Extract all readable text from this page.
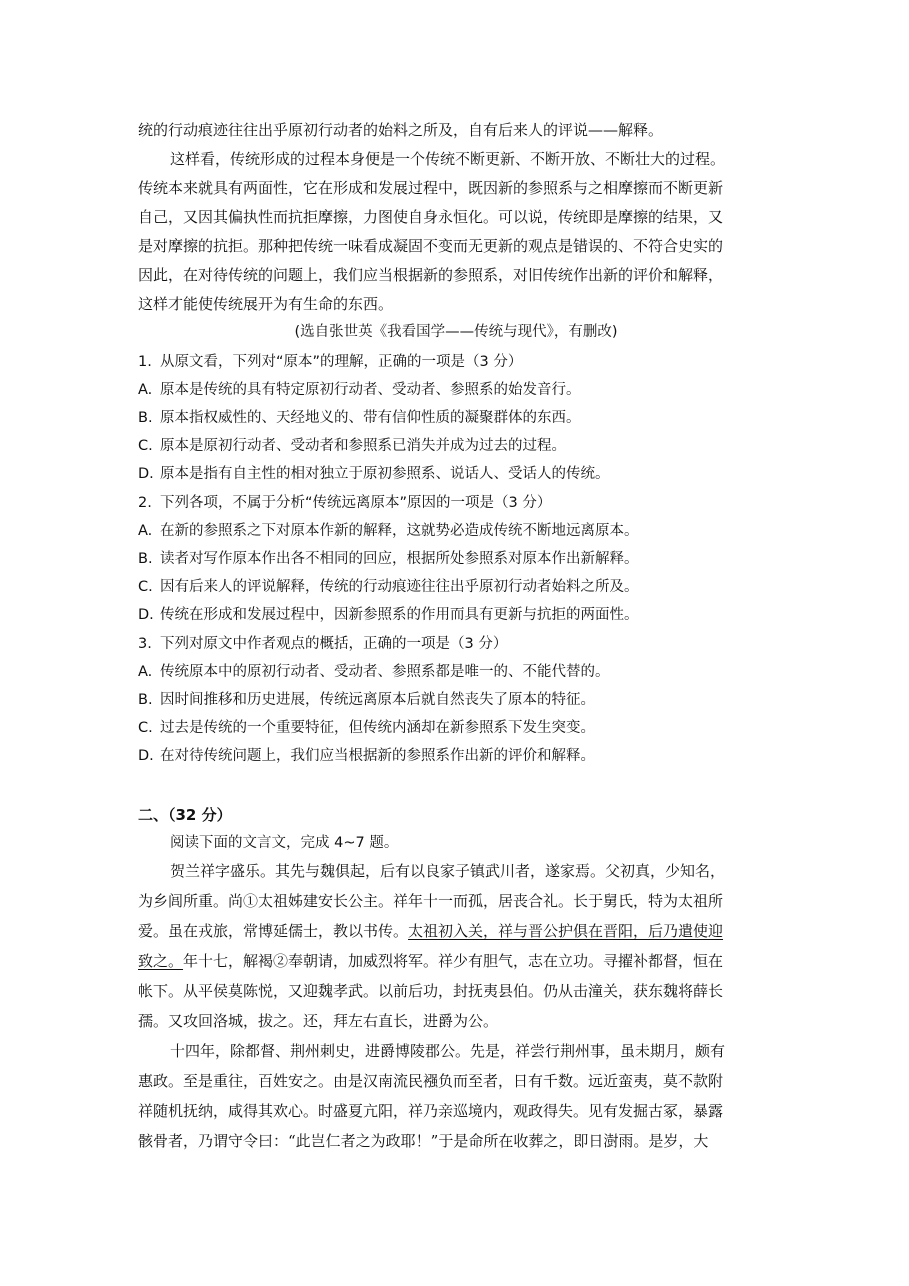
统的行动痕迹往往出乎原初行动者的始料之所及，自有后来人的评说——解释。
这样看，传统形成的过程本身便是一个传统不断更新、不断开放、不断壮大的过程。
传统本来就具有两面性，它在形成和发展过程中，既因新的参照系与之相摩擦而不断更新
自己，又因其偏执性而抗拒摩擦，力图使自身永恒化。可以说，传统即是摩擦的结果，又
是对摩擦的抗拒。那种把传统一味看成凝固不变而无更新的观点是错误的、不符合史实的
因此，在对待传统的问题上，我们应当根据新的参照系，对旧传统作出新的评价和解释，
这样才能使传统展开为有生命的东西。
(选自张世英《我看国学——传统与现代》，有删改)
1. 从原文看，下列对“原本”的理解，正确的一项是（3 分）
A. 原本是传统的具有特定原初行动者、受动者、参照系的始发音行。
B. 原本指权威性的、天经地义的、带有信仰性质的凝聚群体的东西。
C. 原本是原初行动者、受动者和参照系已消失并成为过去的过程。
D. 原本是指有自主性的相对独立于原初参照系、说话人、受话人的传统。
2. 下列各项，不属于分析“传统远离原本”原因的一项是（3 分）
A. 在新的参照系之下对原本作新的解释，这就势必造成传统不断地远离原本。
B. 读者对写作原本作出各不相同的回应，根据所处参照系对原本作出新解释。
C. 因有后来人的评说解释，传统的行动痕迹往往出乎原初行动者始料之所及。
D. 传统在形成和发展过程中，因新参照系的作用而具有更新与抗拒的两面性。
3. 下列对原文中作者观点的概括，正确的一项是（3 分）
A. 传统原本中的原初行动者、受动者、参照系都是唯一的、不能代替的。
B. 因时间推移和历史进展，传统远离原本后就自然丧失了原本的特征。
C. 过去是传统的一个重要特征，但传统内涵却在新参照系下发生突变。
D. 在对待传统问题上，我们应当根据新的参照系作出新的评价和解释。
二、（32 分）
阅读下面的文言文，完成 4~7 题。
贺兰祥字盛乐。其先与魏俱起，后有以良家子镇武川者，遂家焉。父初真，少知名，
为乡闾所重。尚①太祖姊建安长公主。祥年十一而孤，居丧合礼。长于舅氏，特为太祖所
爱。虽在戎旅，常博延儒士，教以书传。太祖初入关，祥与晋公护俱在晋阳，后乃遣使迎
致之。年十七，解褐②奉朝请，加威烈将军。祥少有胆气，志在立功。寻擢补都督，恒在
帐下。从平侯莫陈悦，又迎魏孝武。以前后功，封抚夷县伯。仍从击潼关，获东魏将薛长
孺。又攻回洛城，拔之。还，拜左右直长，进爵为公。
十四年，除都督、荆州刺史，进爵博陵郡公。先是，祥尝行荆州事，虽未期月，颇有
惠政。至是重往，百姓安之。由是汉南流民襁负而至者，日有千数。远近蛮夷，莫不款附
祥随机抚纳，咸得其欢心。时盛夏亢阳，祥乃亲巡境内，观政得失。见有发掘古冢，暴露
骸骨者，乃谓守令曰：“此岂仁者之为政耶！”于是命所在收葬之，即日澍雨。是岁，大
